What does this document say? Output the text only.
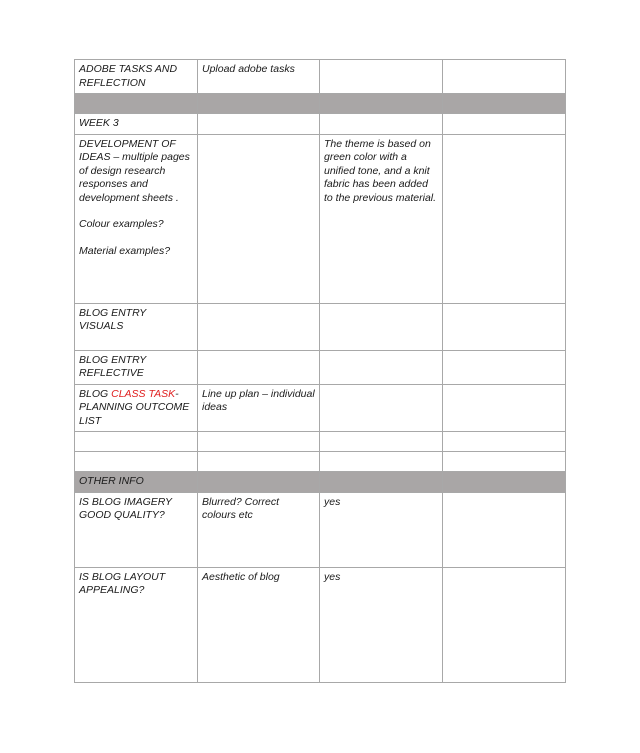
ADOBE TASKS AND REFLECTION	Upload adobe tasks		

WEEK 3			

DEVELOPMENT OF IDEAS – multiple pages of design research responses and development sheets .
Colour examples?
Material examples?		The theme is based on green color with a unified tone, and a knit fabric has been added to the previous material.	
BLOG ENTRY VISUALS			
BLOG ENTRY REFLECTIVE			
BLOG CLASS TASK- PLANNING OUTCOME LIST	Line up plan – individual ideas		

OTHER INFO			
IS BLOG IMAGERY GOOD QUALITY?	Blurred? Correct colours etc	yes	
IS BLOG LAYOUT APPEALING?	Aesthetic of blog	yes	
